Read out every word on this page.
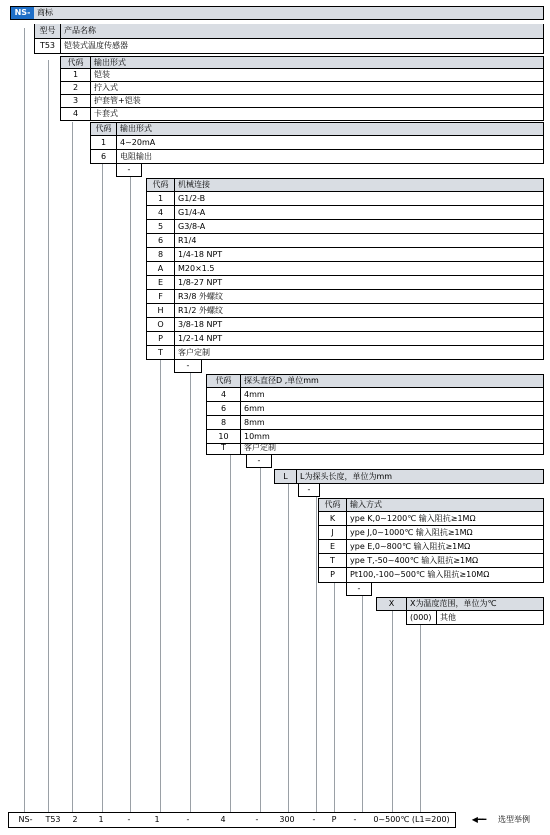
NS- 商标
型号	产品名称
T53	铠装式温度传感器
代码	输出形式
1	铠装
2	拧入式
3	护套管+铠装
4	卡套式
代码	输出形式
1	4~20mA
6	电阻输出
-
代码	机械连接
1	G1/2-B
4	G1/4-A
5	G3/8-A
6	R1/4
8	1/4-18 NPT
A	M20×1.5
E	1/8-27 NPT
F	R3/8 外螺纹
H	R1/2 外螺纹
O	3/8-18 NPT
P	1/2-14 NPT
T	客户定制
-
代码	探头直径D ,单位mm
4	4mm
6	6mm
8	8mm
10	10mm
T	客户定制
-
L	L为探头长度，单位为mm
-
代码	输入方式
K	ype K,0~1200℃ 输入阻抗≥1MΩ
J	ype J,0~1000℃ 输入阻抗≥1MΩ
E	ype E,0~800℃ 输入阻抗≥1MΩ
T	ype T,-50~400℃ 输入阻抗≥1MΩ
P	Pt100,-100~500℃ 输入阻抗≥10MΩ
-
X	X为温度范围，单位为℃
(000)	其他
NS-	T53	2	1	-	1	-	4	-	300	-	P	-	0~500℃ (L1=200)	◀━━━	选型举例
